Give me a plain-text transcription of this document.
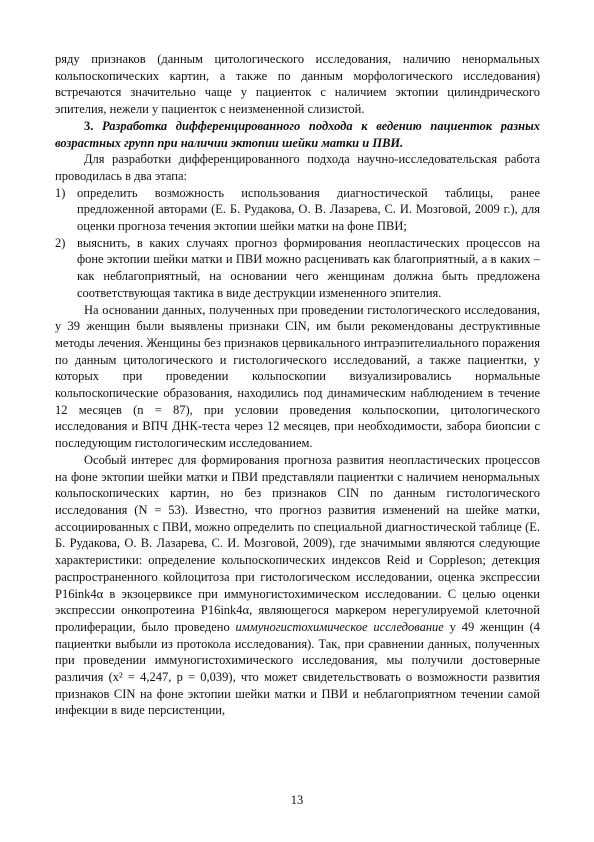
ряду признаков (данным цитологического исследования, наличию ненормальных кольпоскопических картин, а также по данным морфологического исследования) встречаются значительно чаще у пациенток с наличием эктопии цилиндрического эпителия, нежели у пациенток с неизмененной слизистой.

3. Разработка дифференцированного подхода к ведению пациенток разных возрастных групп при наличии эктопии шейки матки и ПВИ.

Для разработки дифференцированного подхода научно-исследовательская работа проводилась в два этапа:

1) определить возможность использования диагностической таблицы, ранее предложенной авторами (Е. Б. Рудакова, О. В. Лазарева, С. И. Мозговой, 2009 г.), для оценки прогноза течения эктопии шейки матки на фоне ПВИ;
2) выяснить, в каких случаях прогноз формирования неопластических процессов на фоне эктопии шейки матки и ПВИ можно расценивать как благоприятный, а в каких – как неблагоприятный, на основании чего женщинам должна быть предложена соответствующая тактика в виде деструкции измененного эпителия.

На основании данных, полученных при проведении гистологического исследования, у 39 женщин были выявлены признаки CIN, им были рекомендованы деструктивные методы лечения. Женщины без признаков цервикального интраэпителиального поражения по данным цитологического и гистологического исследований, а также пациентки, у которых при проведении кольпоскопии визуализировались нормальные кольпоскопические образования, находились под динамическим наблюдением в течение 12 месяцев (n = 87), при условии проведения кольпоскопии, цитологического исследования и ВПЧ ДНК-теста через 12 месяцев, при необходимости, забора биопсии с последующим гистологическим исследованием.

Особый интерес для формирования прогноза развития неопластических процессов на фоне эктопии шейки матки и ПВИ представляли пациентки с наличием ненормальных кольпоскопических картин, но без признаков CIN по данным гистологического исследования (N = 53). Известно, что прогноз развития изменений на шейке матки, ассоциированных с ПВИ, можно определить по специальной диагностической таблице (Е. Б. Рудакова, О. В. Лазарева, С. И. Мозговой, 2009), где значимыми являются следующие характеристики: определение кольпоскопических индексов Reid и Coppleson; детекция распространенного койлоцитоза при гистологическом исследовании, оценка экспрессии P16ink4α в экзоцервиксе при иммуногистохимическом исследовании. С целью оценки экспрессии онкопротеина P16ink4α, являющегося маркером нерегулируемой клеточной пролиферации, было проведено иммуногистохимическое исследование у 49 женщин (4 пациентки выбыли из протокола исследования). Так, при сравнении данных, полученных при проведении иммуногистохимического исследования, мы получили достоверные различия (x² = 4,247, p = 0,039), что может свидетельствовать о возможности развития признаков CIN на фоне эктопии шейки матки и ПВИ и неблагоприятном течении самой инфекции в виде персистенции,

13
